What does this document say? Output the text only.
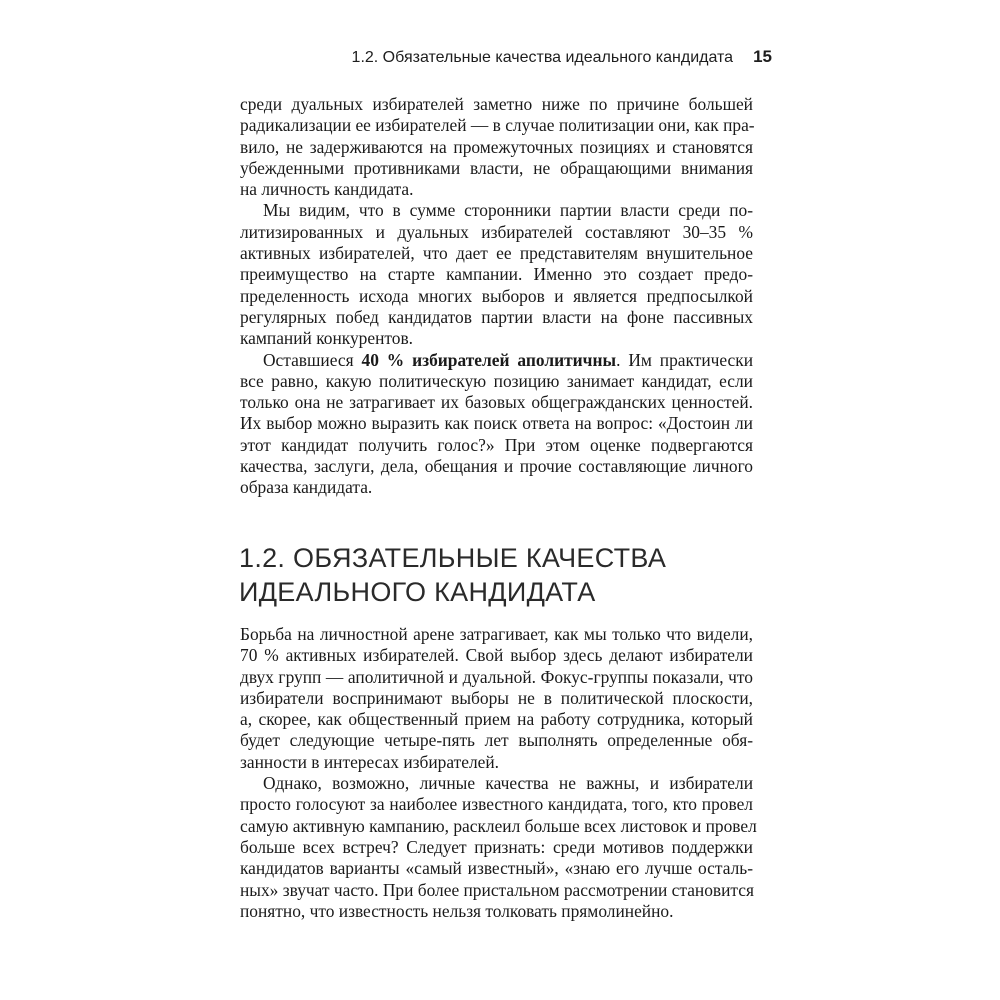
1.2. Обязательные качества идеального кандидата 15
среди дуальных избирателей заметно ниже по причине большей
радикализации ее избирателей — в случае политизации они, как пра-
вило, не задерживаются на промежуточных позициях и становятся
убежденными противниками власти, не обращающими внимания
на личность кандидата.
Мы видим, что в сумме сторонники партии власти среди по-
литизированных и дуальных избирателей составляют 30–35 %
активных избирателей, что дает ее представителям внушительное
преимущество на старте кампании. Именно это создает предо-
пределенность исхода многих выборов и является предпосылкой
регулярных побед кандидатов партии власти на фоне пассивных
кампаний конкурентов.
Оставшиеся 40 % избирателей аполитичны. Им практически
все равно, какую политическую позицию занимает кандидат, если
только она не затрагивает их базовых общегражданских ценностей.
Их выбор можно выразить как поиск ответа на вопрос: «Достоин ли
этот кандидат получить голос?» При этом оценке подвергаются
качества, заслуги, дела, обещания и прочие составляющие личного
образа кандидата.
1.2. ОБЯЗАТЕЛЬНЫЕ КАЧЕСТВА
ИДЕАЛЬНОГО КАНДИДАТА
Борьба на личностной арене затрагивает, как мы только что видели,
70 % активных избирателей. Свой выбор здесь делают избиратели
двух групп — аполитичной и дуальной. Фокус-группы показали, что
избиратели воспринимают выборы не в политической плоскости,
а, скорее, как общественный прием на работу сотрудника, который
будет следующие четыре-пять лет выполнять определенные обя-
занности в интересах избирателей.
Однако, возможно, личные качества не важны, и избиратели
просто голосуют за наиболее известного кандидата, того, кто провел
самую активную кампанию, расклеил больше всех листовок и провел
больше всех встреч? Следует признать: среди мотивов поддержки
кандидатов варианты «самый известный», «знаю его лучше осталь-
ных» звучат часто. При более пристальном рассмотрении становится
понятно, что известность нельзя толковать прямолинейно.
